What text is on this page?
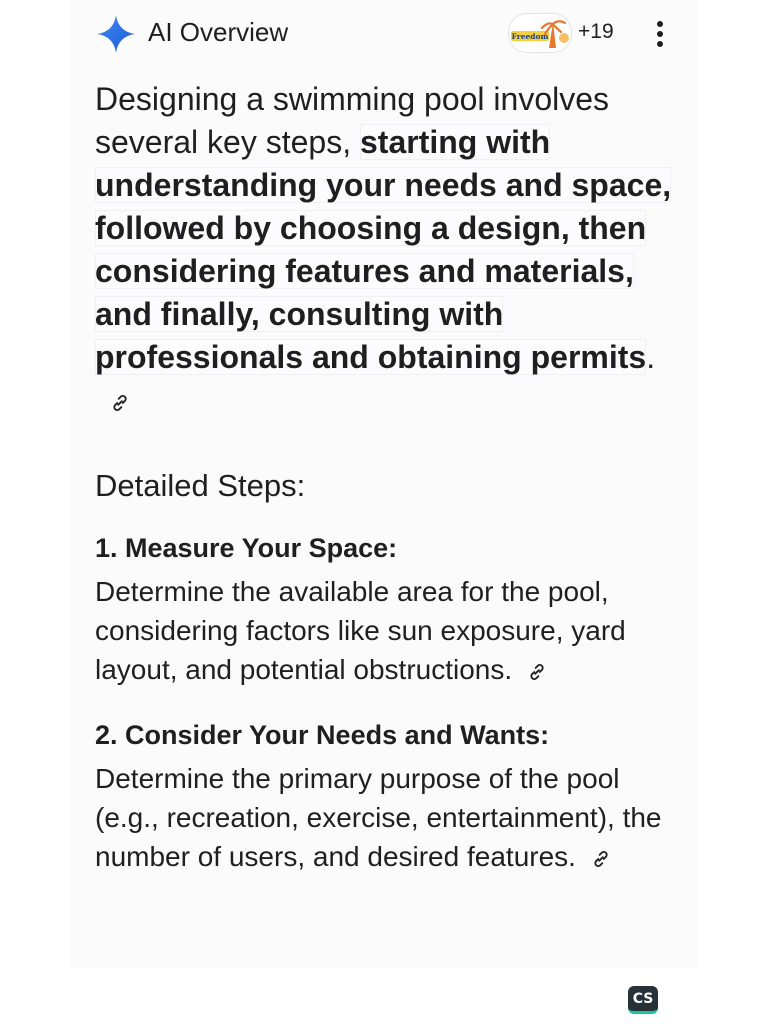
AI Overview	Freedom +19

Designing a swimming pool involves several key steps, starting with understanding your needs and space, followed by choosing a design, then considering features and materials, and finally, consulting with professionals and obtaining permits.

Detailed Steps:
1. Measure Your Space:

Determine the available area for the pool, considering factors like sun exposure, yard layout, and potential obstructions.

2. Consider Your Needs and Wants:

Determine the primary purpose of the pool (e.g., recreation, exercise, entertainment), the number of users, and desired features.

CS
